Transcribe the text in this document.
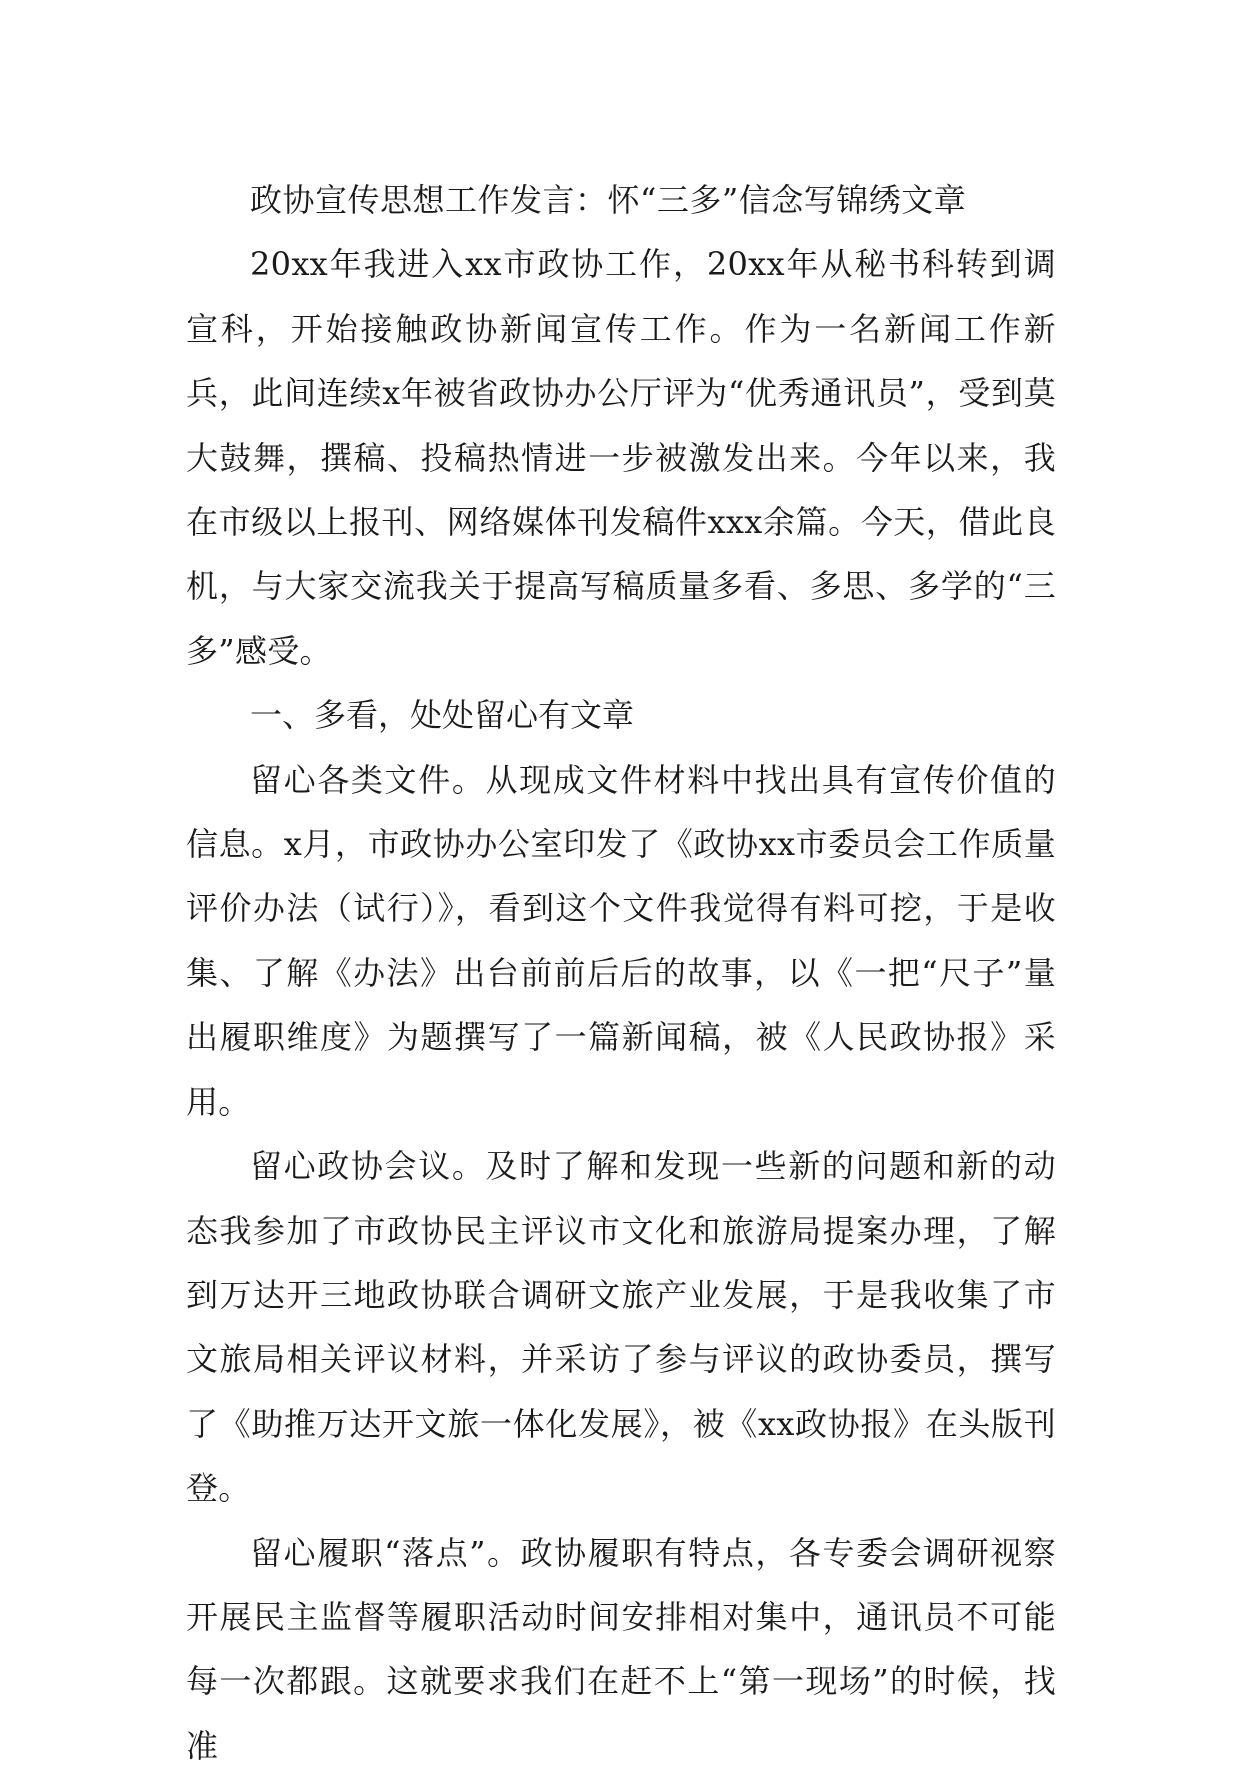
政协宣传思想工作发言：怀“三多”信念写锦绣文章

20xx年我进入xx市政协工作，20xx年从秘书科转到调宣科，开始接触政协新闻宣传工作。作为一名新闻工作新兵，此间连续x年被省政协办公厅评为“优秀通讯员”，受到莫大鼓舞，撰稿、投稿热情进一步被激发出来。今年以来，我在市级以上报刊、网络媒体刊发稿件xxx余篇。今天，借此良机，与大家交流我关于提高写稿质量多看、多思、多学的“三多”感受。

一、多看，处处留心有文章

留心各类文件。从现成文件材料中找出具有宣传价值的信息。x月，市政协办公室印发了《政协xx市委员会工作质量评价办法（试行）》，看到这个文件我觉得有料可挖，于是收集、了解《办法》出台前前后后的故事，以《一把“尺子”量出履职维度》为题撰写了一篇新闻稿，被《人民政协报》采用。

留心政协会议。及时了解和发现一些新的问题和新的动态我参加了市政协民主评议市文化和旅游局提案办理，了解到万达开三地政协联合调研文旅产业发展，于是我收集了市文旅局相关评议材料，并采访了参与评议的政协委员，撰写了《助推万达开文旅一体化发展》，被《xx政协报》在头版刊登。

留心履职“落点”。政协履职有特点，各专委会调研视察开展民主监督等履职活动时间安排相对集中，通讯员不可能每一次都跟。这就要求我们在赶不上“第一现场”的时候，找准
